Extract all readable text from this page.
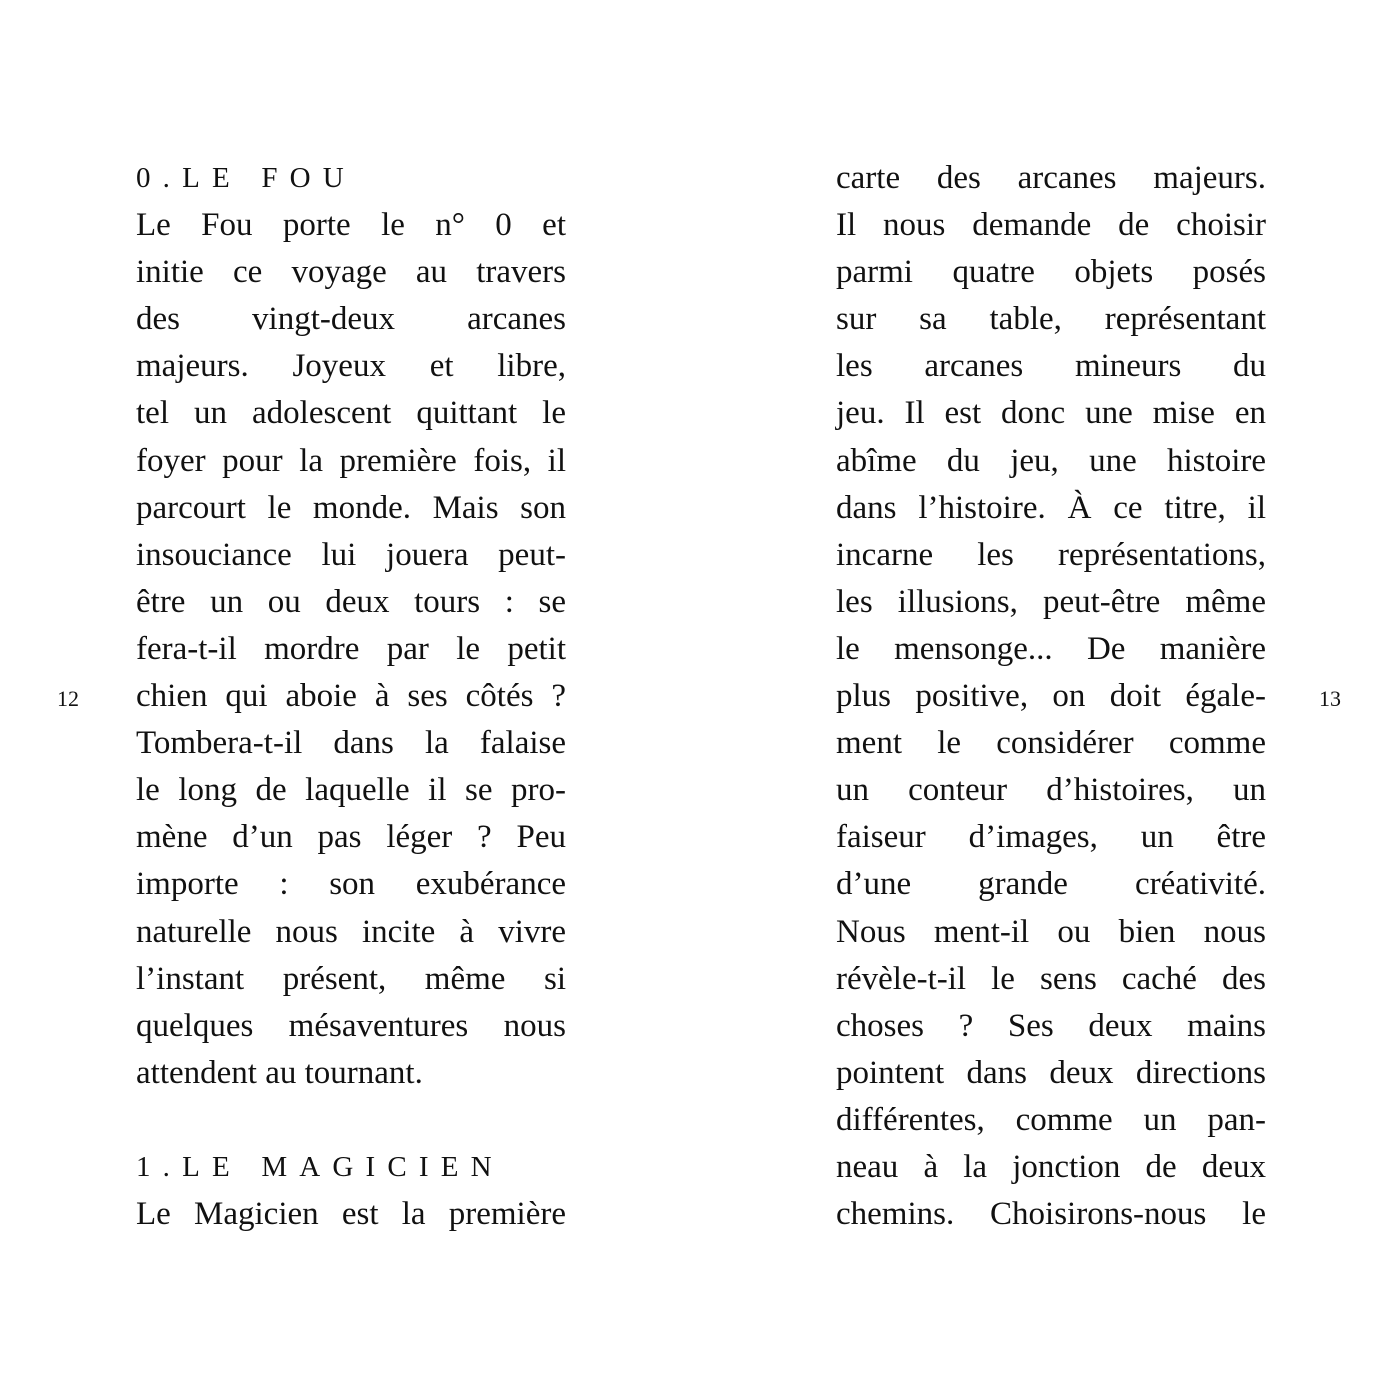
12	13
0.LE FOU
Le Fou porte le n° 0 et
initie ce voyage au travers
des vingt-deux arcanes
majeurs. Joyeux et libre,
tel un adolescent quittant le
foyer pour la première fois, il
parcourt le monde. Mais son
insouciance lui jouera peut-
être un ou deux tours : se
fera-t-il mordre par le petit
chien qui aboie à ses côtés ?
Tombera-t-il dans la falaise
le long de laquelle il se pro-
mène d’un pas léger ? Peu
importe : son exubérance
naturelle nous incite à vivre
l’instant présent, même si
quelques mésaventures nous
attendent au tournant.
1.LE MAGICIEN
Le Magicien est la première
carte des arcanes majeurs.
Il nous demande de choisir
parmi quatre objets posés
sur sa table, représentant
les arcanes mineurs du
jeu. Il est donc une mise en
abîme du jeu, une histoire
dans l’histoire. À ce titre, il
incarne les représentations,
les illusions, peut-être même
le mensonge... De manière
plus positive, on doit égale-
ment le considérer comme
un conteur d’histoires, un
faiseur d’images, un être
d’une grande créativité.
Nous ment-il ou bien nous
révèle-t-il le sens caché des
choses ? Ses deux mains
pointent dans deux directions
différentes, comme un pan-
neau à la jonction de deux
chemins. Choisirons-nous le
